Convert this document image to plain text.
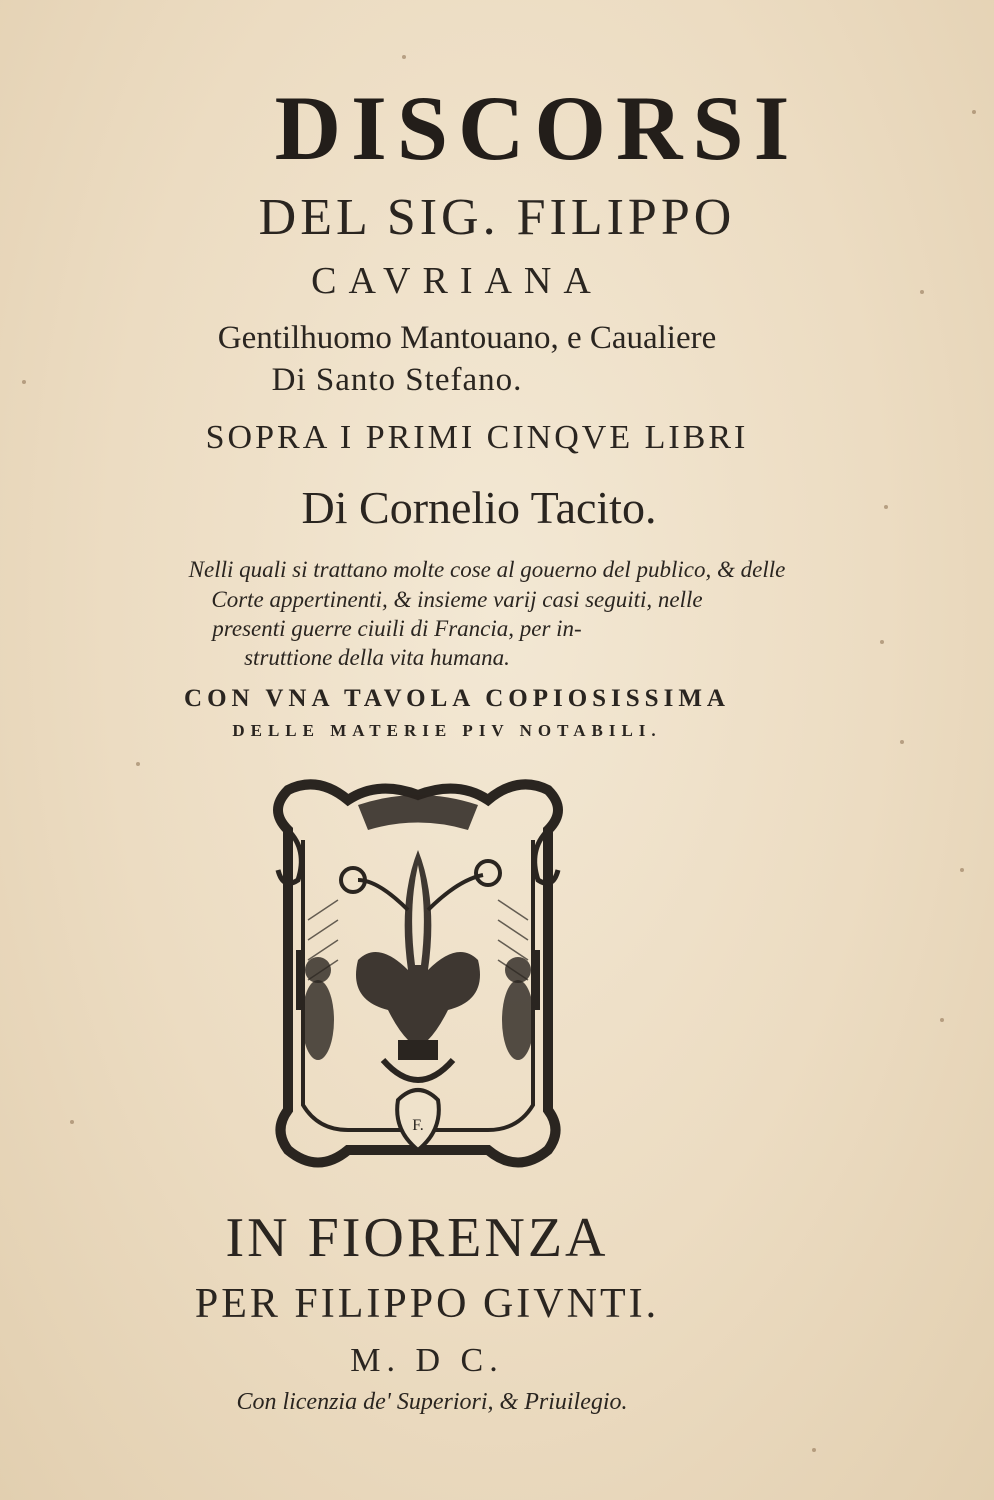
DISCORSI
DEL SIG. FILIPPO
CAVRIANA
Gentilhuomo Mantouano, e Caualiere
Di Santo Stefano.
SOPRA I PRIMI CINQVE LIBRI
Di Cornelio Tacito.
Nelli quali si trattano molte cose al gouerno del publico, & delle
Corte appertinenti, & insieme varij casi seguiti, nelle
presenti guerre ciuili di Francia, per in-
struttione della vita humana.
CON VNA TAVOLA COPIOSISSIMA
DELLE MATERIE PIV NOTABILI.
F.
IN FIORENZA
PER FILIPPO GIVNTI.
M. D C.
Con licenzia de' Superiori, & Priuilegio.
